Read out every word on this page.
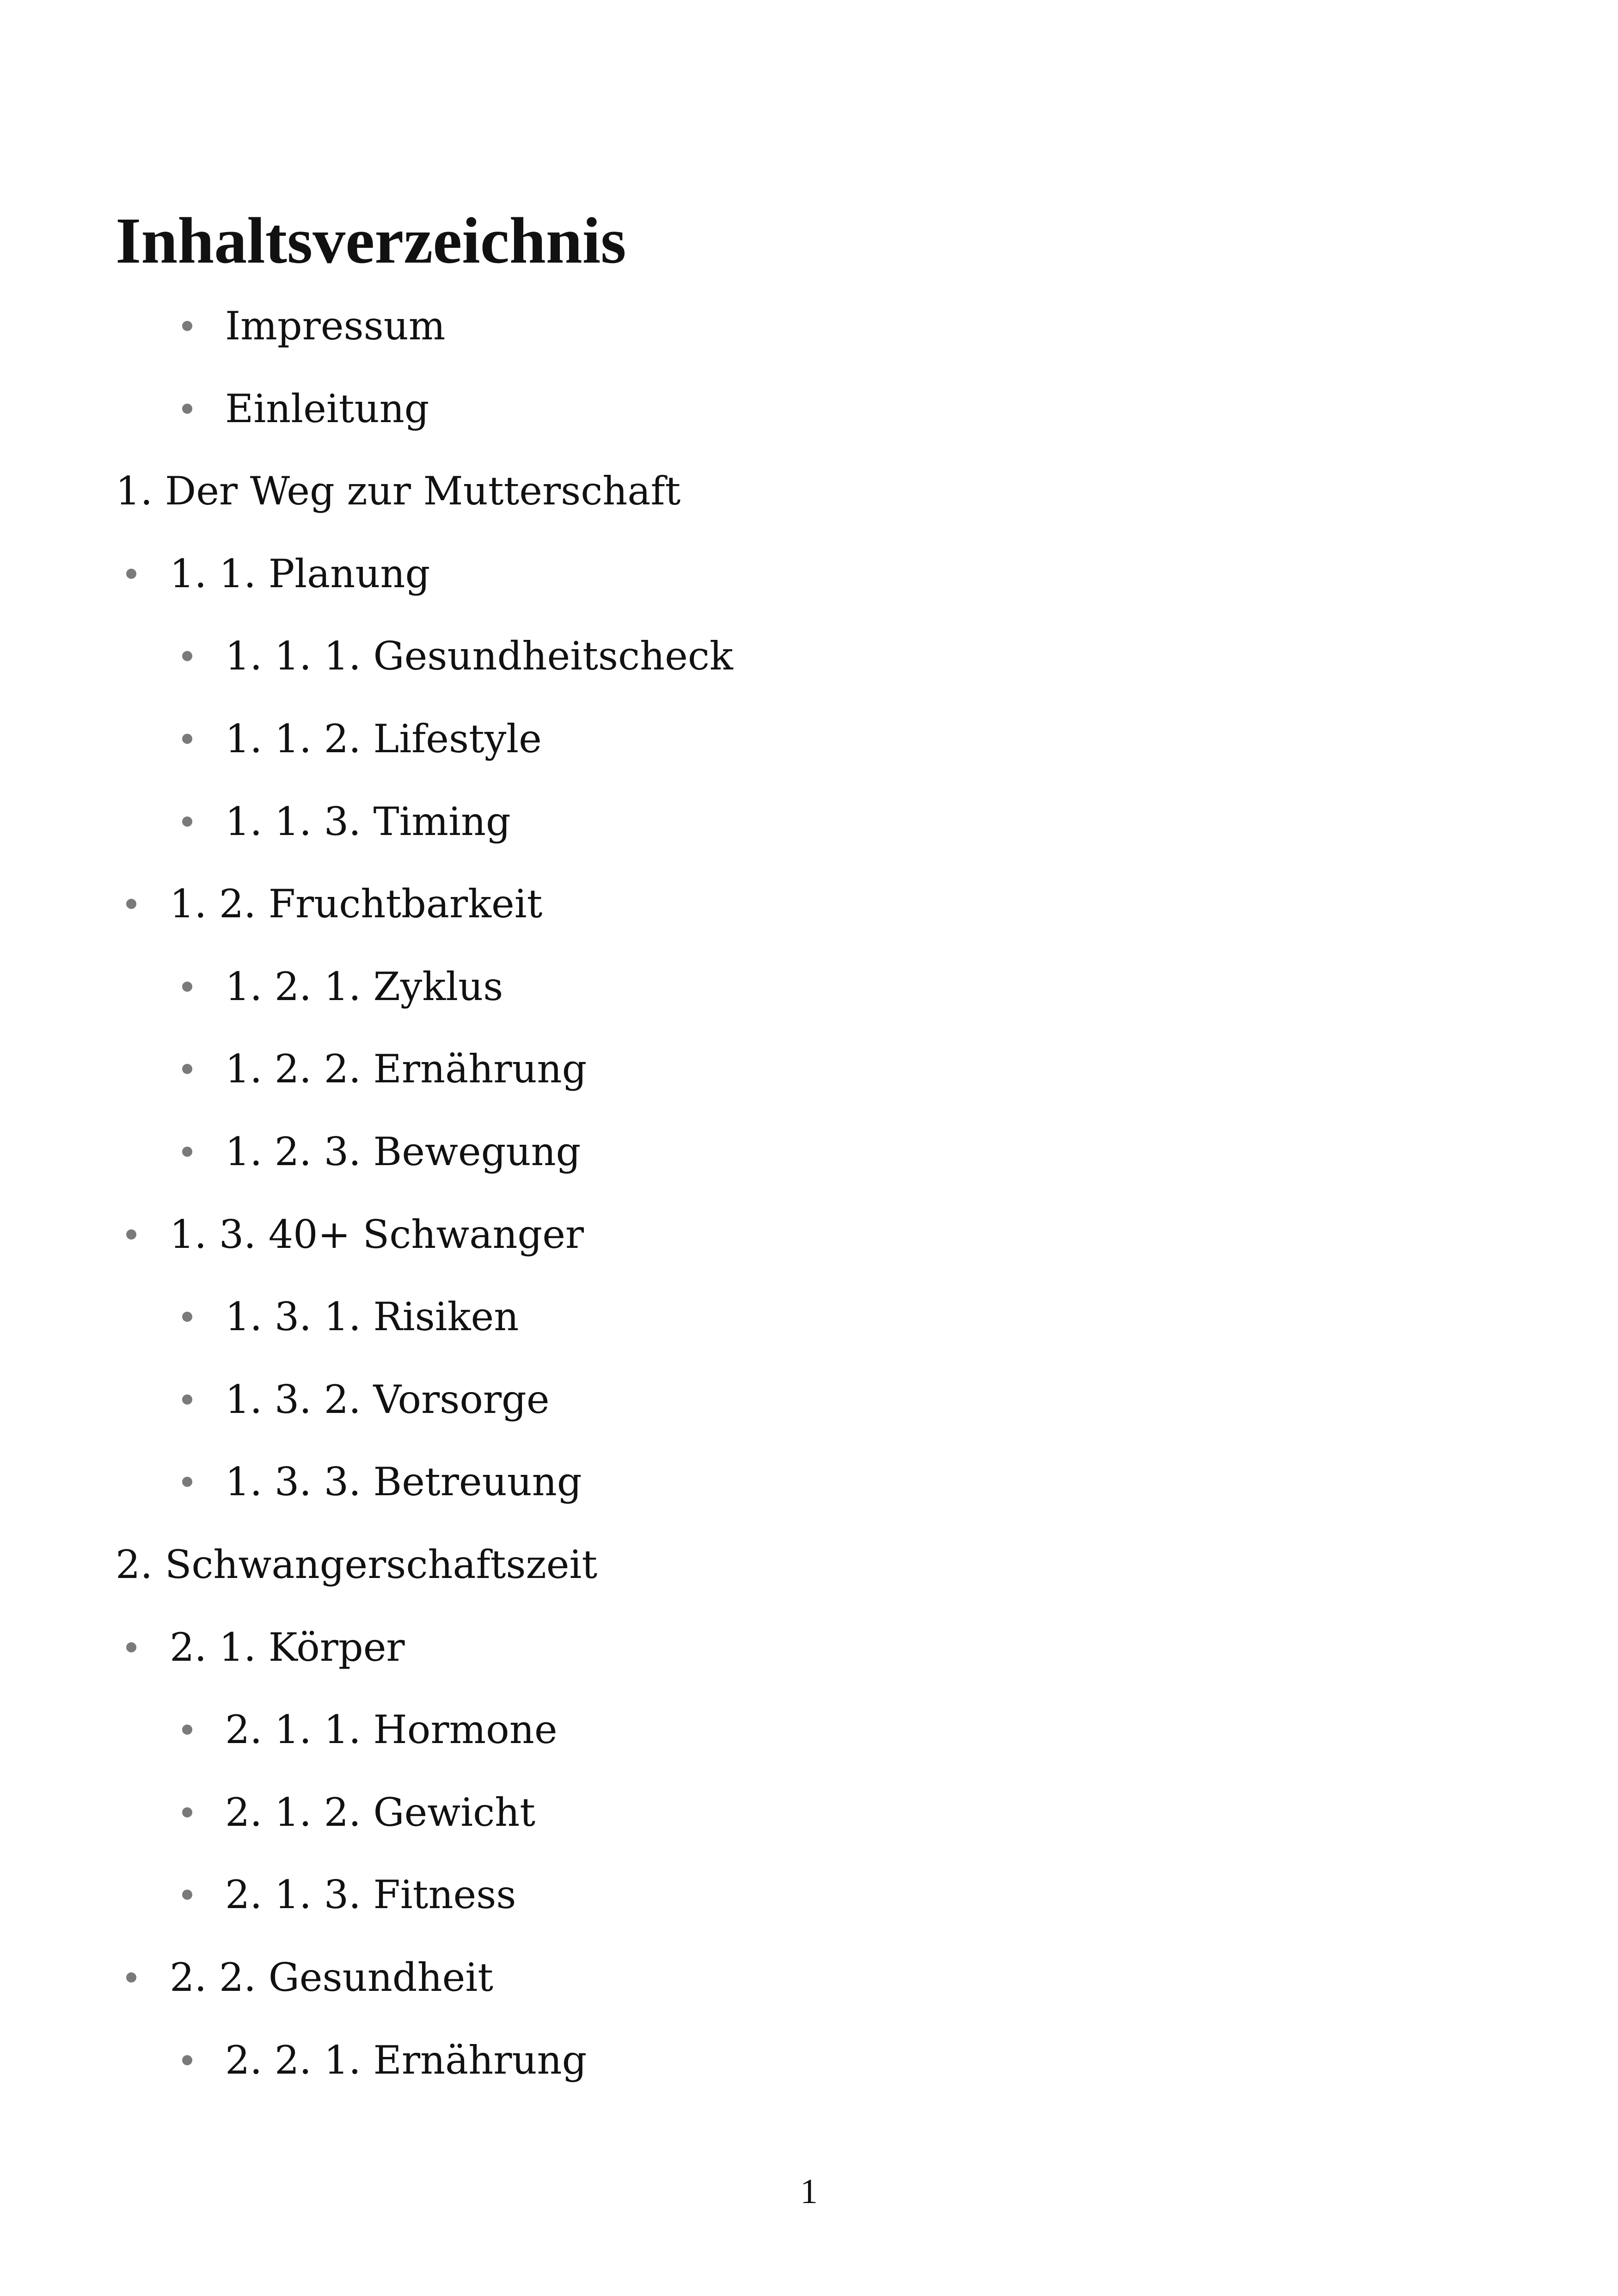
Inhaltsverzeichnis
Impressum
Einleitung
1. Der Weg zur Mutterschaft
1. 1. Planung
1. 1. 1. Gesundheitscheck
1. 1. 2. Lifestyle
1. 1. 3. Timing
1. 2. Fruchtbarkeit
1. 2. 1. Zyklus
1. 2. 2. Ernährung
1. 2. 3. Bewegung
1. 3. 40+ Schwanger
1. 3. 1. Risiken
1. 3. 2. Vorsorge
1. 3. 3. Betreuung
2. Schwangerschaftszeit
2. 1. Körper
2. 1. 1. Hormone
2. 1. 2. Gewicht
2. 1. 3. Fitness
2. 2. Gesundheit
2. 2. 1. Ernährung
1
